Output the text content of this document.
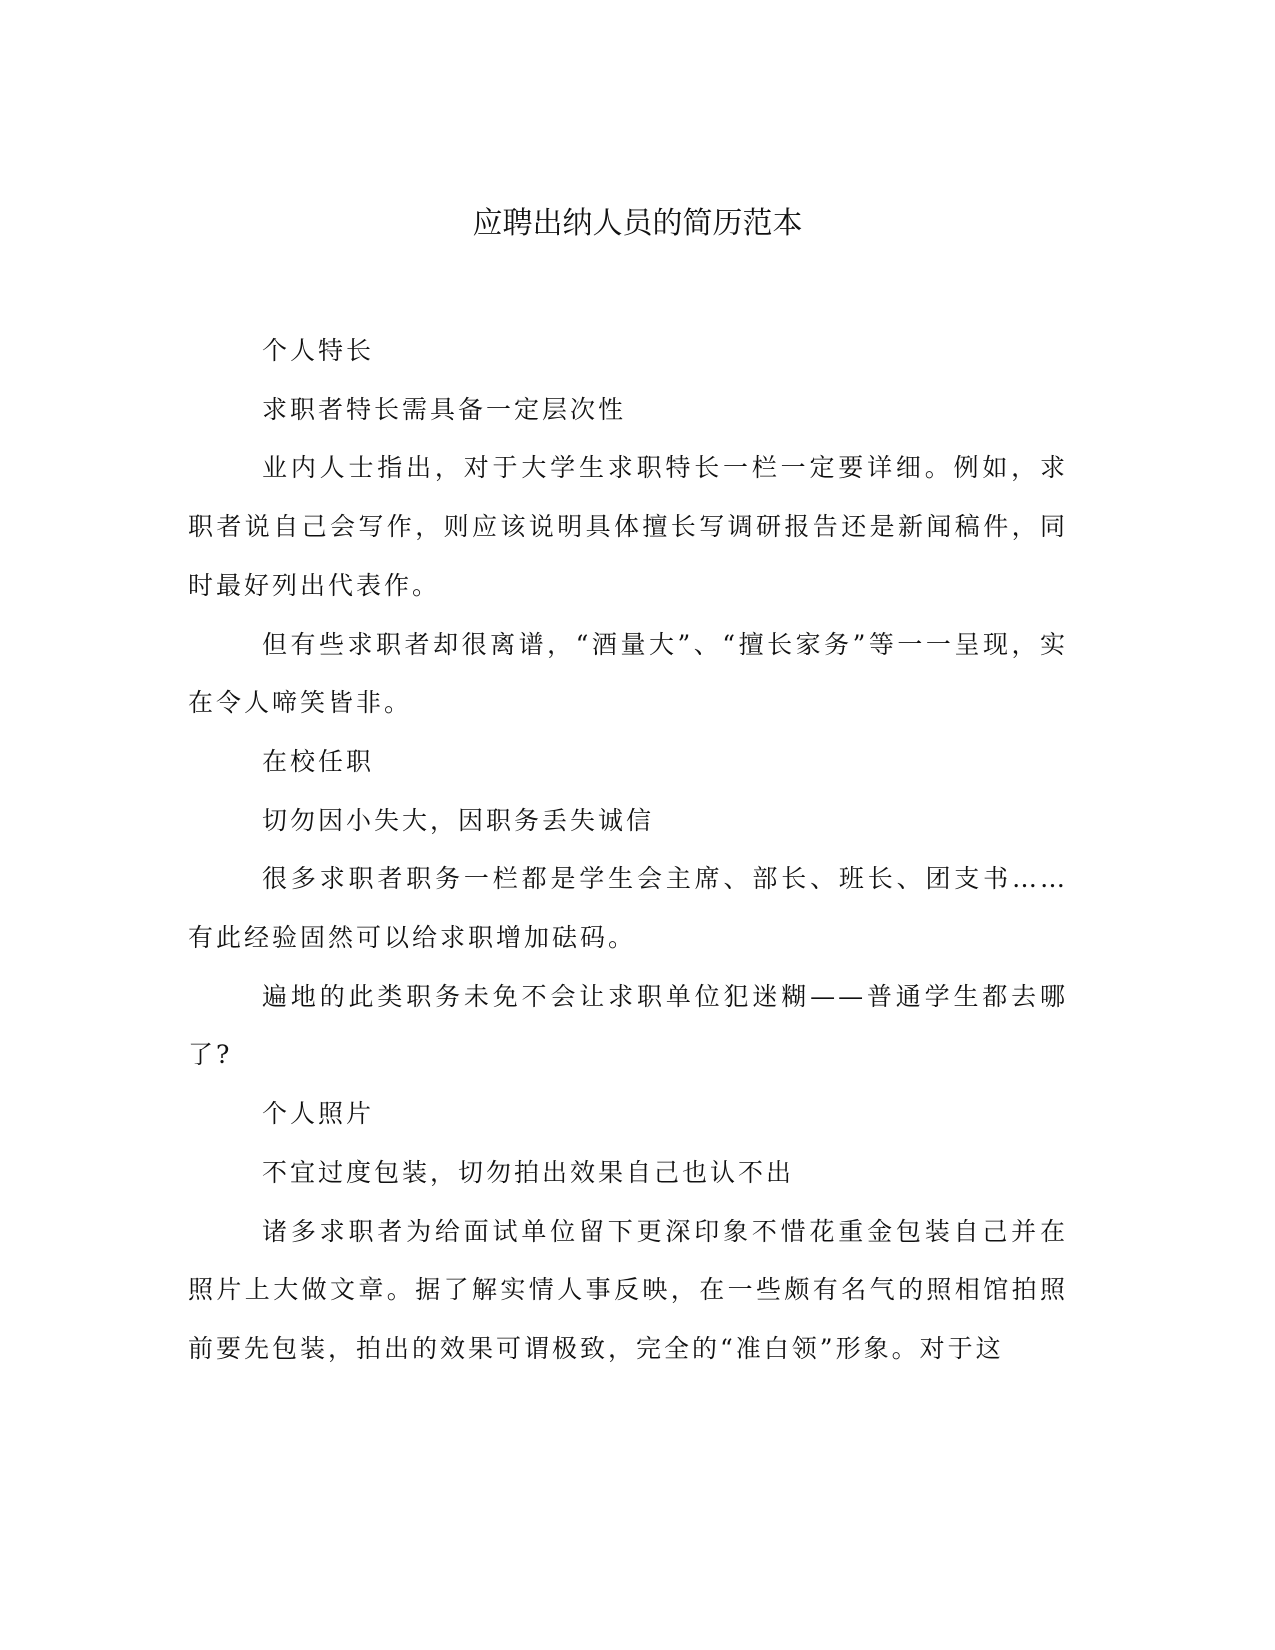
应聘出纳人员的简历范本

个人特长

求职者特长需具备一定层次性

业内人士指出，对于大学生求职特长一栏一定要详细。例如，求职者说自己会写作，则应该说明具体擅长写调研报告还是新闻稿件，同时最好列出代表作。

但有些求职者却很离谱，“酒量大”、“擅长家务”等一一呈现，实在令人啼笑皆非。

在校任职

切勿因小失大，因职务丢失诚信

很多求职者职务一栏都是学生会主席、部长、班长、团支书……有此经验固然可以给求职增加砝码。

遍地的此类职务未免不会让求职单位犯迷糊——普通学生都去哪了?

个人照片

不宜过度包装，切勿拍出效果自己也认不出

诸多求职者为给面试单位留下更深印象不惜花重金包装自己并在照片上大做文章。据了解实情人事反映，在一些颇有名气的照相馆拍照前要先包装，拍出的效果可谓极致，完全的“准白领”形象。对于这
